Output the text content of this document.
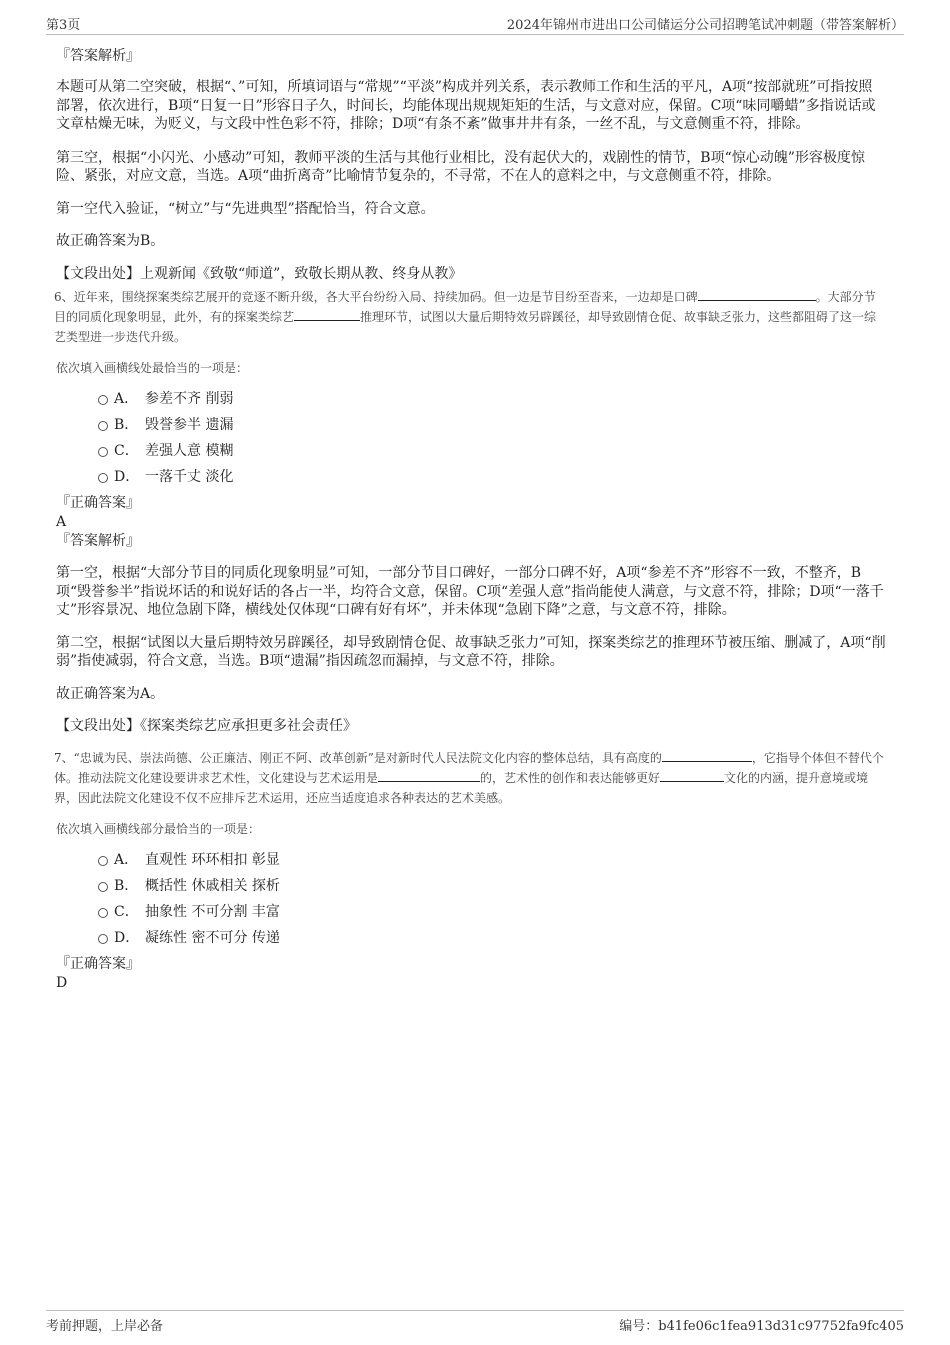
第3页	2024年锦州市进出口公司储运分公司招聘笔试冲刺题（带答案解析）

『答案解析』

本题可从第二空突破，根据“、”可知，所填词语与“常规”“平淡”构成并列关系，表示教师工作和生活的平凡，A项“按部就班”可指按照部署，依次进行，B项“日复一日”形容日子久，时间长，均能体现出规规矩矩的生活，与文意对应，保留。C项“味同嚼蜡”多指说话或文章枯燥无味，为贬义，与文段中性色彩不符，排除；D项“有条不紊”做事井井有条，一丝不乱，与文意侧重不符，排除。

第三空，根据“小闪光、小感动”可知，教师平淡的生活与其他行业相比，没有起伏大的，戏剧性的情节，B项“惊心动魄”形容极度惊险、紧张，对应文意，当选。A项“曲折离奇”比喻情节复杂的，不寻常，不在人的意料之中，与文意侧重不符，排除。

第一空代入验证，“树立”与“先进典型”搭配恰当，符合文意。

故正确答案为B。

【文段出处】上观新闻《致敬“师道”，致敬长期从教、终身从教》

6、近年来，围绕探案类综艺展开的竞逐不断升级，各大平台纷纷入局、持续加码。但一边是节目纷至沓来，一边却是口碑	。大部分节目的同质化现象明显，此外，有的探案类综艺	推理环节，试图以大量后期特效另辟蹊径，却导致剧情仓促、故事缺乏张力，这些都阻碍了这一综艺类型进一步迭代升级。

依次填入画横线处最恰当的一项是：

A． 参差不齐 削弱
B． 毁誉参半 遗漏
C． 差强人意 模糊
D． 一落千丈 淡化

『正确答案』

A

『答案解析』

第一空，根据“大部分节目的同质化现象明显”可知，一部分节目口碑好，一部分口碑不好，A项“参差不齐”形容不一致，不整齐，B项“毁誉参半”指说坏话的和说好话的各占一半，均符合文意，保留。C项“差强人意”指尚能使人满意，与文意不符，排除；D项“一落千丈”形容景况、地位急剧下降，横线处仅体现“口碑有好有坏”，并未体现“急剧下降”之意，与文意不符，排除。

第二空，根据“试图以大量后期特效另辟蹊径，却导致剧情仓促、故事缺乏张力”可知，探案类综艺的推理环节被压缩、删减了，A项“削弱”指使减弱，符合文意，当选。B项“遗漏”指因疏忽而漏掉，与文意不符，排除。

故正确答案为A。

【文段出处】《探案类综艺应承担更多社会责任》

7、“忠诚为民、崇法尚德、公正廉洁、刚正不阿、改革创新”是对新时代人民法院文化内容的整体总结，具有高度的	，它指导个体但不替代个体。推动法院文化建设要讲求艺术性，文化建设与艺术运用是	的，艺术性的创作和表达能够更好	文化的内涵，提升意境或境界，因此法院文化建设不仅不应排斥艺术运用，还应当适度追求各种表达的艺术美感。

依次填入画横线部分最恰当的一项是：

A． 直观性 环环相扣 彰显
B． 概括性 休戚相关 探析
C． 抽象性 不可分割 丰富
D． 凝练性 密不可分 传递

『正确答案』

D

考前押题，上岸必备	编号：b41fe06c1fea913d31c97752fa9fc405
